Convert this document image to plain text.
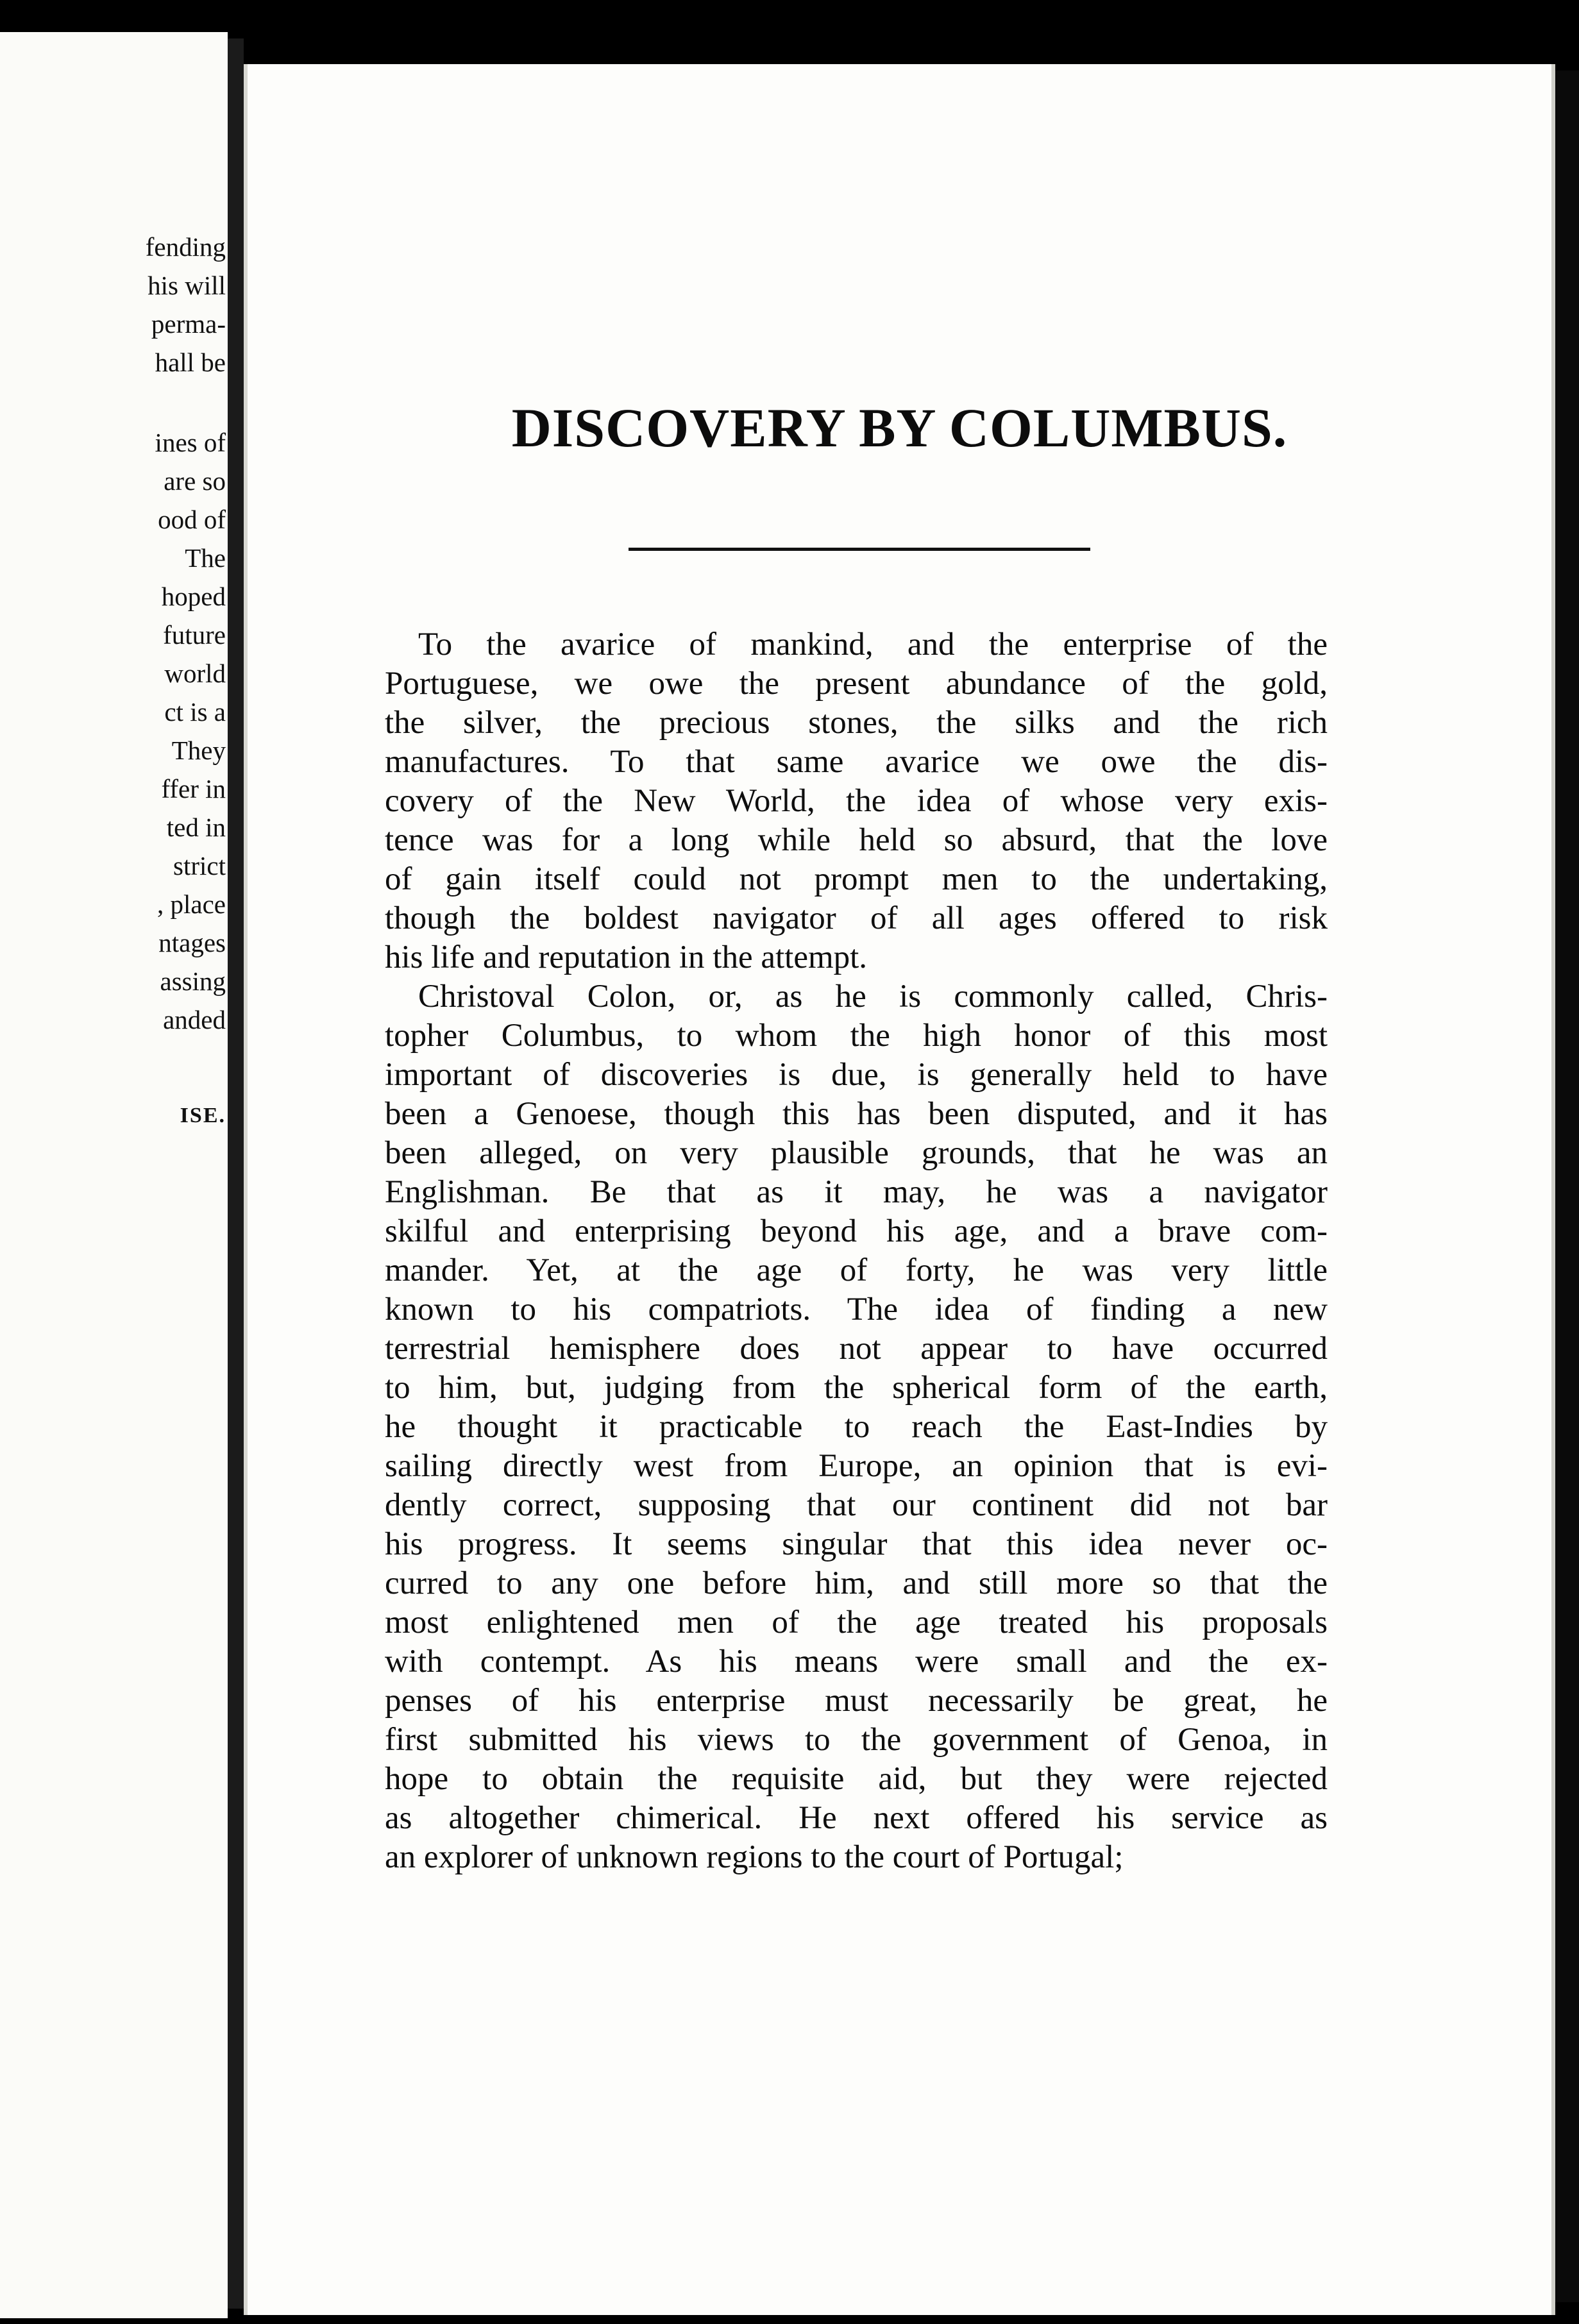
fending
his will
perma-
hall be
ines of
are so
ood of
The
hoped
future
world
ct is a
They
ffer in
ted in
strict
, place
ntages
assing
anded
ISE.
DISCOVERY BY COLUMBUS.
To the avarice of mankind, and the enterprise of the
Portuguese, we owe the present abundance of the gold,
the silver, the precious stones, the silks and the rich
manufactures. To that same avarice we owe the dis-
covery of the New World, the idea of whose very exis-
tence was for a long while held so absurd, that the love
of gain itself could not prompt men to the undertaking,
though the boldest navigator of all ages offered to risk
his life and reputation in the attempt.
Christoval Colon, or, as he is commonly called, Chris-
topher Columbus, to whom the high honor of this most
important of discoveries is due, is generally held to have
been a Genoese, though this has been disputed, and it has
been alleged, on very plausible grounds, that he was an
Englishman. Be that as it may, he was a navigator
skilful and enterprising beyond his age, and a brave com-
mander. Yet, at the age of forty, he was very little
known to his compatriots. The idea of finding a new
terrestrial hemisphere does not appear to have occurred
to him, but, judging from the spherical form of the earth,
he thought it practicable to reach the East-Indies by
sailing directly west from Europe, an opinion that is evi-
dently correct, supposing that our continent did not bar
his progress. It seems singular that this idea never oc-
curred to any one before him, and still more so that the
most enlightened men of the age treated his proposals
with contempt. As his means were small and the ex-
penses of his enterprise must necessarily be great, he
first submitted his views to the government of Genoa, in
hope to obtain the requisite aid, but they were rejected
as altogether chimerical. He next offered his service as
an explorer of unknown regions to the court of Portugal;
